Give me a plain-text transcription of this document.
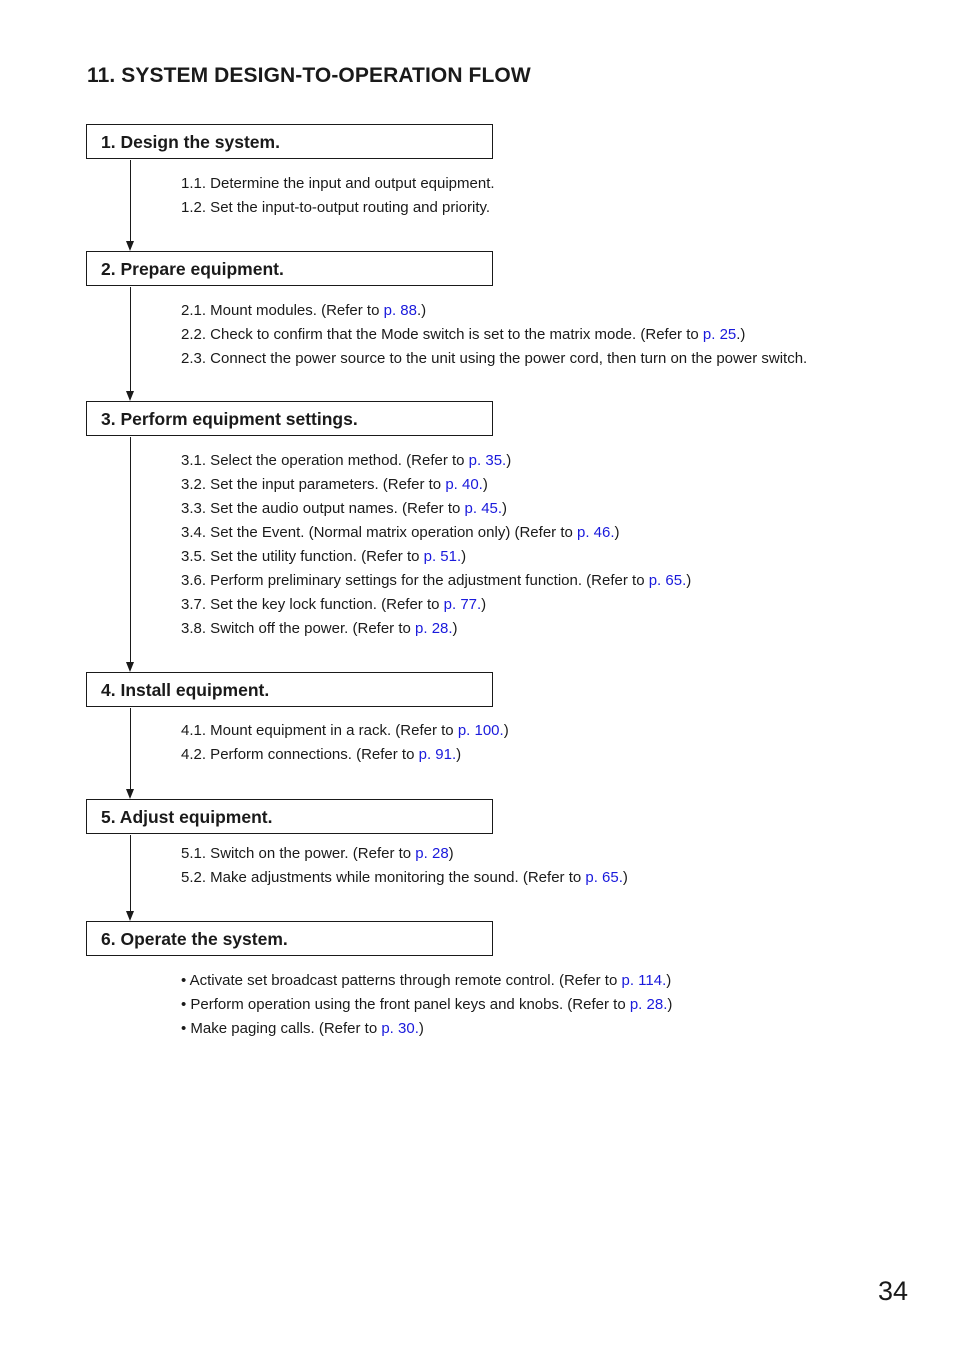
11. SYSTEM DESIGN-TO-OPERATION FLOW
1. Design the system.
1.1. Determine the input and output equipment.
1.2. Set the input-to-output routing and priority.
2. Prepare equipment.
2.1. Mount modules. (Refer to p. 88.)
2.2. Check to confirm that the Mode switch is set to the matrix mode. (Refer to p. 25.)
2.3. Connect the power source to the unit using the power cord, then turn on the power switch.
3. Perform equipment settings.
3.1. Select the operation method. (Refer to p. 35.)
3.2. Set the input parameters. (Refer to p. 40.)
3.3. Set the audio output names. (Refer to p. 45.)
3.4. Set the Event. (Normal matrix operation only) (Refer to p. 46.)
3.5. Set the utility function. (Refer to p. 51.)
3.6. Perform preliminary settings for the adjustment function. (Refer to p. 65.)
3.7. Set the key lock function. (Refer to p. 77.)
3.8. Switch off the power. (Refer to p. 28.)
4. Install equipment.
4.1. Mount equipment in a rack. (Refer to p. 100.)
4.2. Perform connections. (Refer to p. 91.)
5. Adjust equipment.
5.1. Switch on the power. (Refer to p. 28)
5.2. Make adjustments while monitoring the sound. (Refer to p. 65.)
6. Operate the system.
• Activate set broadcast patterns through remote control. (Refer to p. 114.)
• Perform operation using the front panel keys and knobs. (Refer to p. 28.)
• Make paging calls. (Refer to p. 30.)
34
